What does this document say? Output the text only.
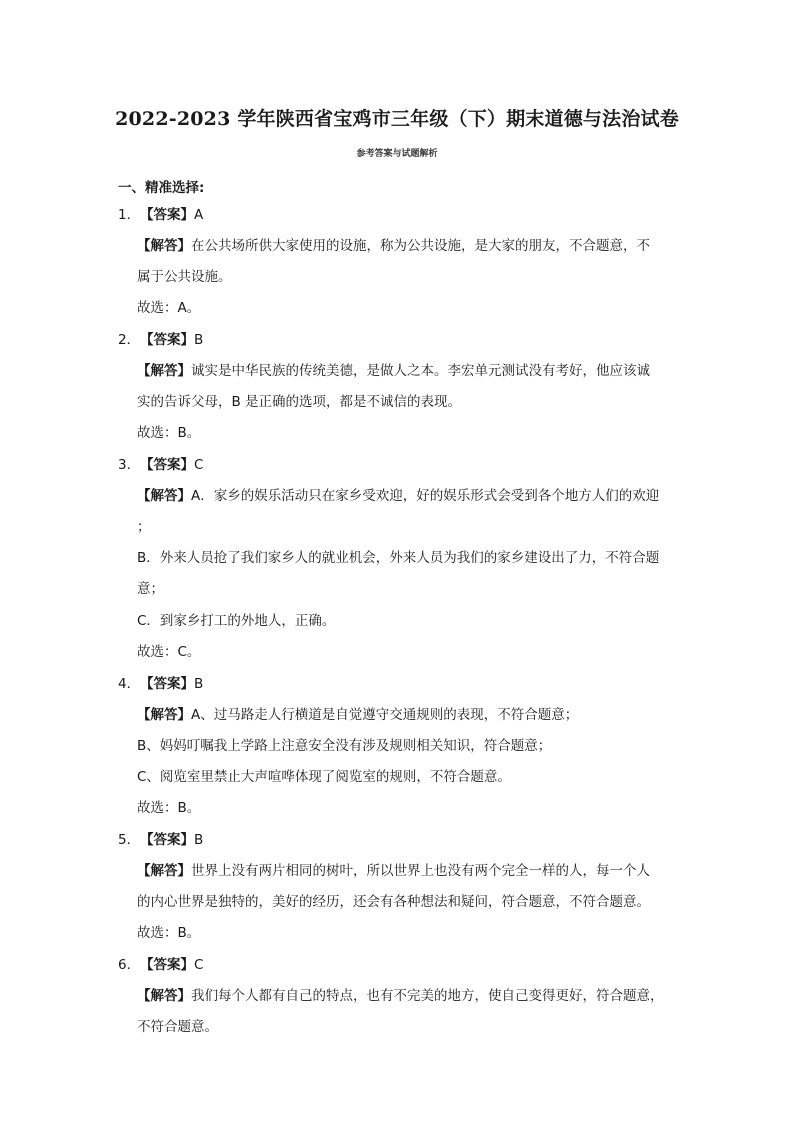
2022-2023 学年陕西省宝鸡市三年级（下）期末道德与法治试卷
参考答案与试题解析
一、精准选择:
1．【答案】A
【解答】在公共场所供大家使用的设施，称为公共设施，是大家的朋友，不合题意，不
属于公共设施。
故选：A。
2．【答案】B
【解答】诚实是中华民族的传统美德，是做人之本。李宏单元测试没有考好，他应该诚
实的告诉父母，B 是正确的选项，都是不诚信的表现。
故选：B。
3．【答案】C
【解答】A．家乡的娱乐活动只在家乡受欢迎，好的娱乐形式会受到各个地方人们的欢迎
；
B．外来人员抢了我们家乡人的就业机会，外来人员为我们的家乡建设出了力，不符合题
意；
C．到家乡打工的外地人，正确。
故选：C。
4．【答案】B
【解答】A、过马路走人行横道是自觉遵守交通规则的表现，不符合题意；
B、妈妈叮嘱我上学路上注意安全没有涉及规则相关知识，符合题意；
C、阅览室里禁止大声喧哗体现了阅览室的规则，不符合题意。
故选：B。
5．【答案】B
【解答】世界上没有两片相同的树叶，所以世界上也没有两个完全一样的人，每一个人
的内心世界是独特的，美好的经历，还会有各种想法和疑问，符合题意，不符合题意。
故选：B。
6．【答案】C
【解答】我们每个人都有自己的特点，也有不完美的地方，使自己变得更好，符合题意，
不符合题意。
